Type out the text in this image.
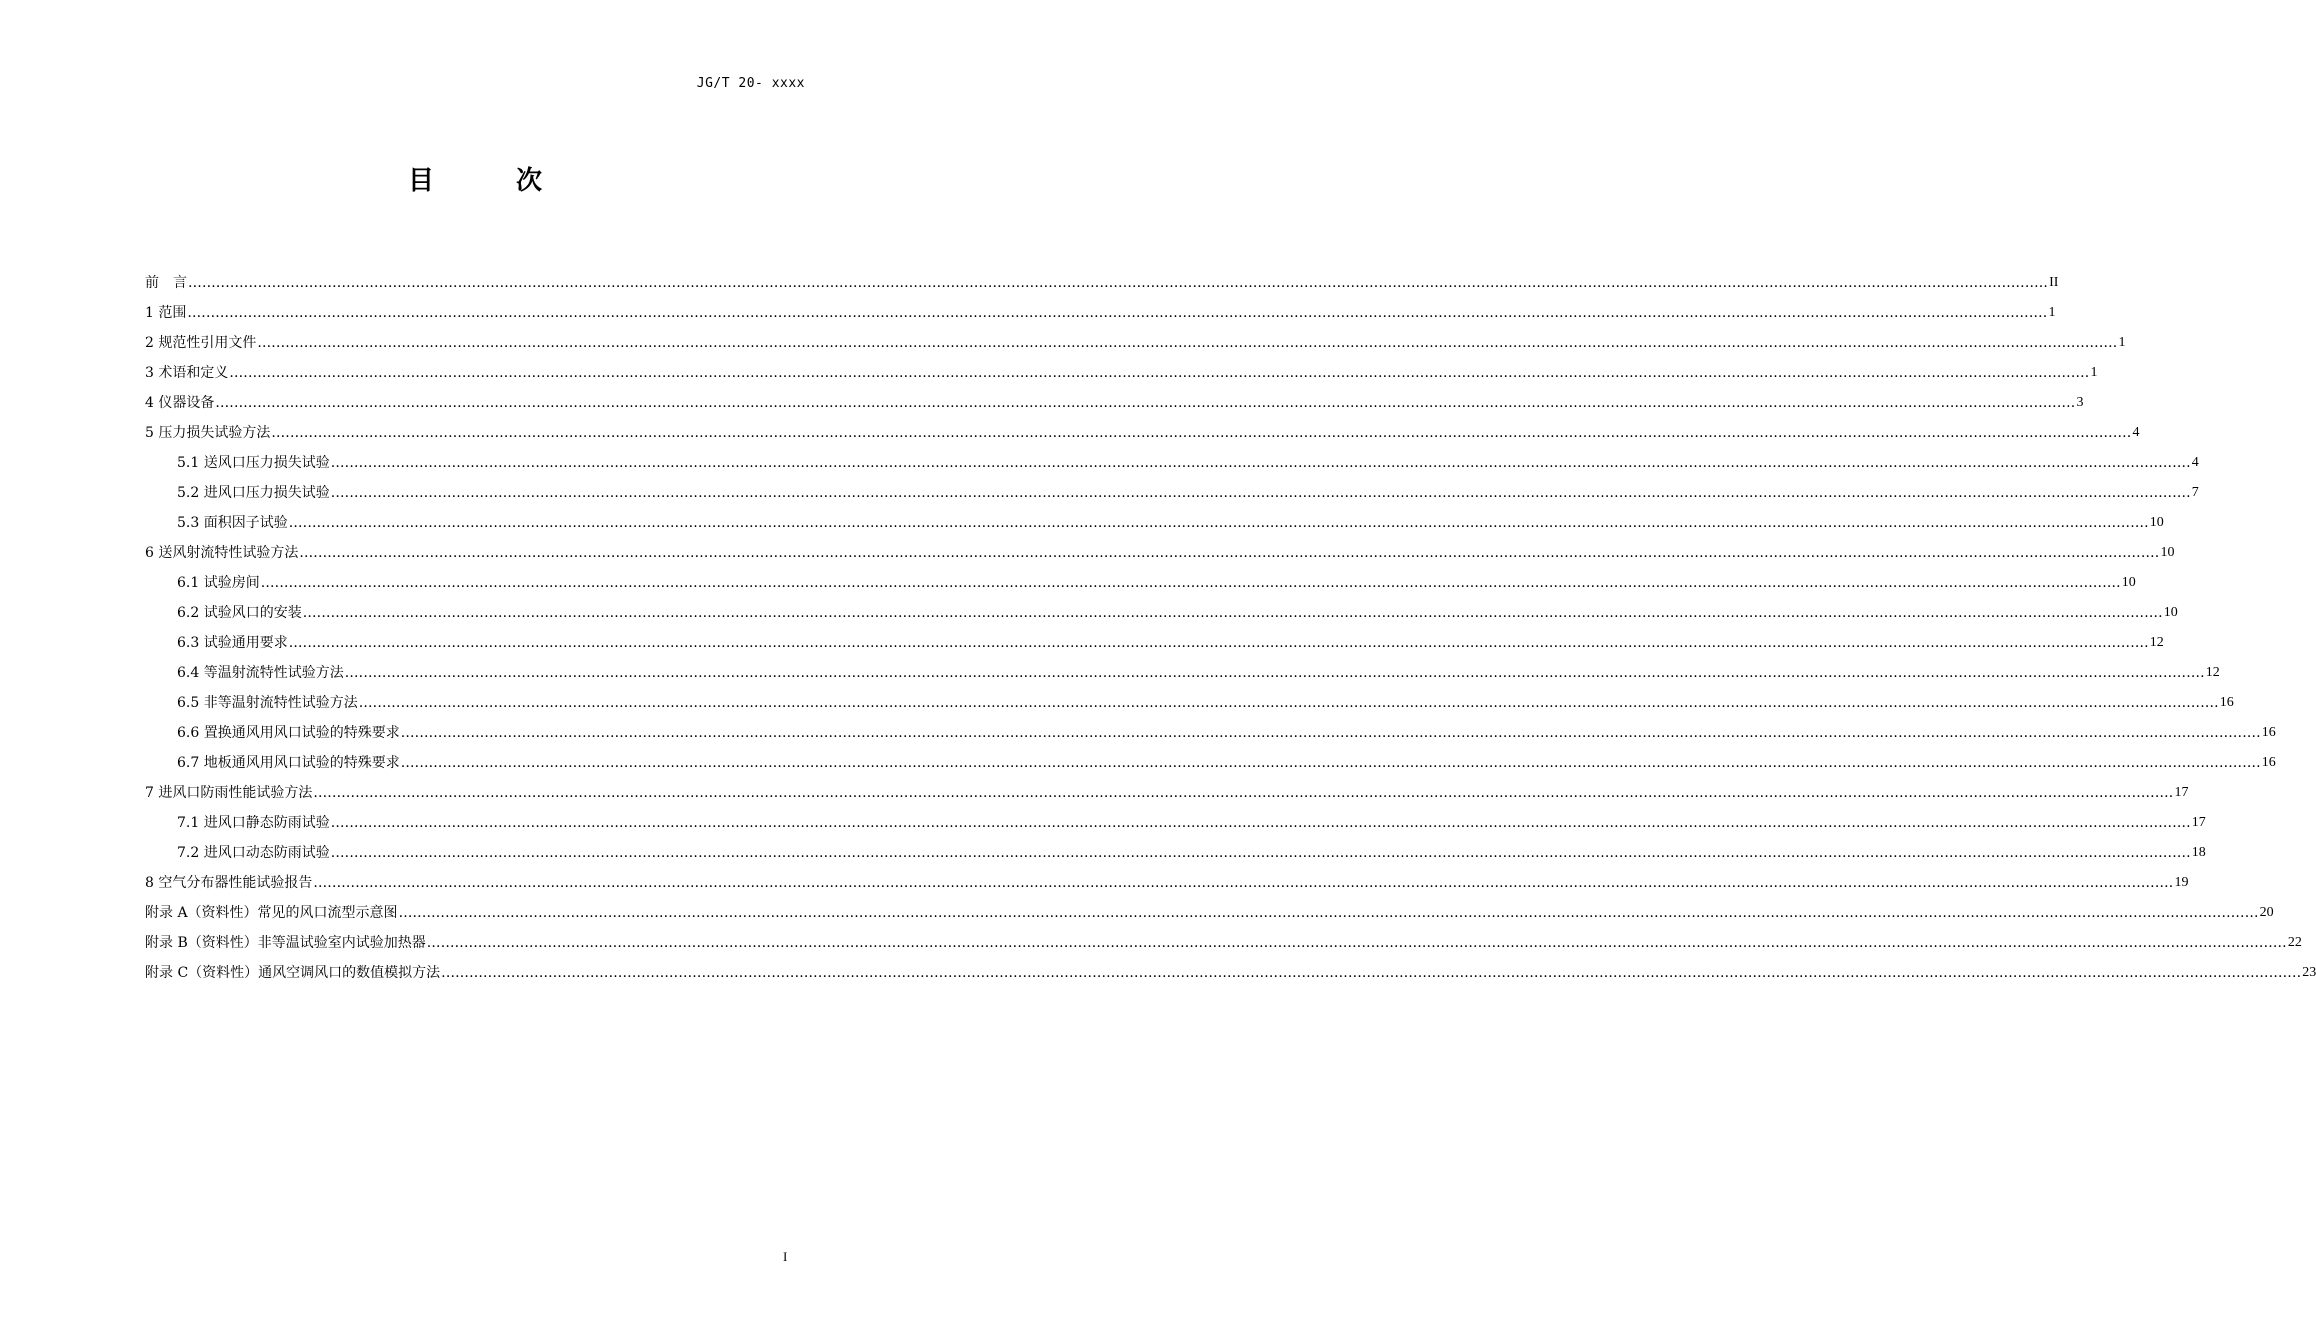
JG/T 20- xxxx
目　次
前　言 ................................................................................................................................................................................................................................................................................................................................................................................................................ II
1 范围 ................................................................................................................................................................................................................................................................................................................................................................................................................ 1
2 规范性引用文件 ................................................................................................................................................................................................................................................................................................................................................................................................................ 1
3 术语和定义 ................................................................................................................................................................................................................................................................................................................................................................................................................ 1
4 仪器设备 ................................................................................................................................................................................................................................................................................................................................................................................................................ 3
5 压力损失试验方法 ................................................................................................................................................................................................................................................................................................................................................................................................................ 4
5.1 送风口压力损失试验 ................................................................................................................................................................................................................................................................................................................................................................................................................ 4
5.2 进风口压力损失试验 ................................................................................................................................................................................................................................................................................................................................................................................................................ 7
5.3 面积因子试验 ................................................................................................................................................................................................................................................................................................................................................................................................................ 10
6 送风射流特性试验方法 ................................................................................................................................................................................................................................................................................................................................................................................................................ 10
6.1 试验房间 ................................................................................................................................................................................................................................................................................................................................................................................................................ 10
6.2 试验风口的安装 ................................................................................................................................................................................................................................................................................................................................................................................................................ 10
6.3 试验通用要求 ................................................................................................................................................................................................................................................................................................................................................................................................................ 12
6.4 等温射流特性试验方法 ................................................................................................................................................................................................................................................................................................................................................................................................................ 12
6.5 非等温射流特性试验方法 ................................................................................................................................................................................................................................................................................................................................................................................................................ 16
6.6 置换通风用风口试验的特殊要求 ................................................................................................................................................................................................................................................................................................................................................................................................................ 16
6.7 地板通风用风口试验的特殊要求 ................................................................................................................................................................................................................................................................................................................................................................................................................ 16
7 进风口防雨性能试验方法 ................................................................................................................................................................................................................................................................................................................................................................................................................ 17
7.1 进风口静态防雨试验 ................................................................................................................................................................................................................................................................................................................................................................................................................ 17
7.2 进风口动态防雨试验 ................................................................................................................................................................................................................................................................................................................................................................................................................ 18
8 空气分布器性能试验报告 ................................................................................................................................................................................................................................................................................................................................................................................................................ 19
附录 A（资料性）常见的风口流型示意图 ................................................................................................................................................................................................................................................................................................................................................................................................................ 20
附录 B（资料性）非等温试验室内试验加热器 ................................................................................................................................................................................................................................................................................................................................................................................................................ 22
附录 C（资料性）通风空调风口的数值模拟方法 ................................................................................................................................................................................................................................................................................................................................................................................................................ 23
I
